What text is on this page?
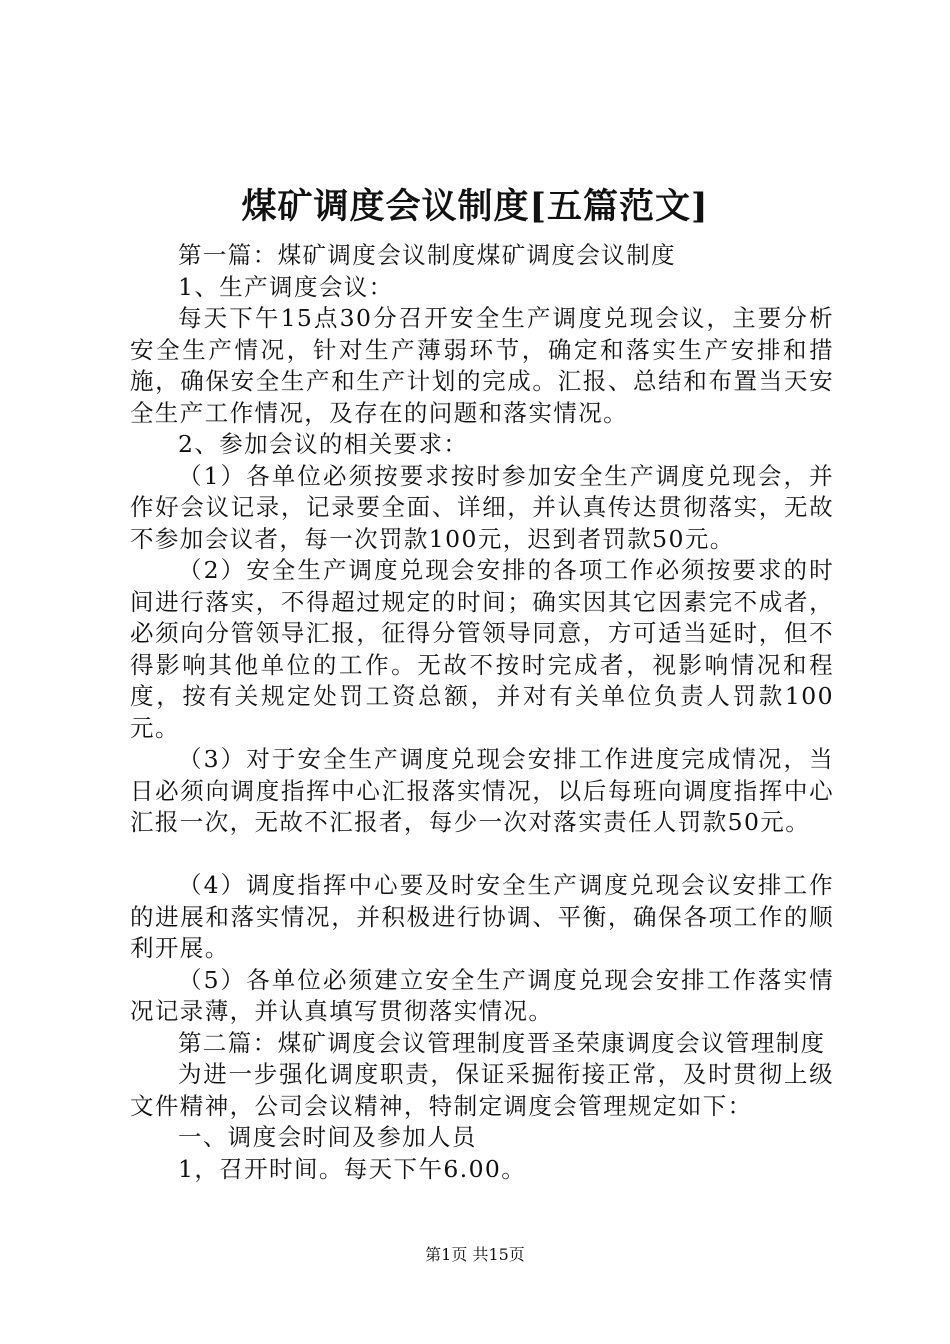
煤矿调度会议制度[五篇范文]

第一篇：煤矿调度会议制度煤矿调度会议制度

1、生产调度会议：

每天下午15点30分召开安全生产调度兑现会议，主要分析安全生产情况，针对生产薄弱环节，确定和落实生产安排和措施，确保安全生产和生产计划的完成。汇报、总结和布置当天安全生产工作情况，及存在的问题和落实情况。

2、参加会议的相关要求：

（1）各单位必须按要求按时参加安全生产调度兑现会，并作好会议记录，记录要全面、详细，并认真传达贯彻落实，无故不参加会议者，每一次罚款100元，迟到者罚款50元。

（2）安全生产调度兑现会安排的各项工作必须按要求的时间进行落实，不得超过规定的时间；确实因其它因素完不成者，必须向分管领导汇报，征得分管领导同意，方可适当延时，但不得影响其他单位的工作。无故不按时完成者，视影响情况和程度，按有关规定处罚工资总额，并对有关单位负责人罚款100元。

（3）对于安全生产调度兑现会安排工作进度完成情况，当日必须向调度指挥中心汇报落实情况，以后每班向调度指挥中心汇报一次，无故不汇报者，每少一次对落实责任人罚款50元。

（4）调度指挥中心要及时安全生产调度兑现会议安排工作的进展和落实情况，并积极进行协调、平衡，确保各项工作的顺利开展。

（5）各单位必须建立安全生产调度兑现会安排工作落实情况记录薄，并认真填写贯彻落实情况。

第二篇：煤矿调度会议管理制度晋圣荣康调度会议管理制度

为进一步强化调度职责，保证采掘衔接正常，及时贯彻上级文件精神，公司会议精神，特制定调度会管理规定如下：

一、调度会时间及参加人员

1，召开时间。每天下午6.00。

第1页 共15页
